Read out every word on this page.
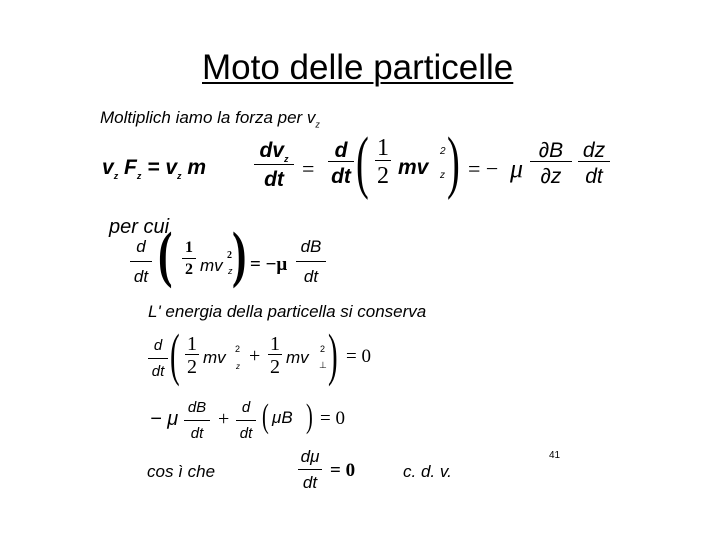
Moto delle particelle
Moltiplich iamo la forza per $v_z$
$v_z$ $F_z = v_z$ m
$dv_z$
dt =
d
dt ( 1
2 mv
2
z ) = − μ
∂B
∂z
dz
dt
per cui
d
dt ( 1
2 mv
2
z ) = −μ
dB
dt
L' energia della particella si conserva
d
dt ( 1
2 mv 2
z +
1
2 mv 2
⊥ ) = 0
− μ
dB
dt
+
d
dt ( μB ) = 0
cos ì che
dμ
dt
= 0	c. d. v.
41
